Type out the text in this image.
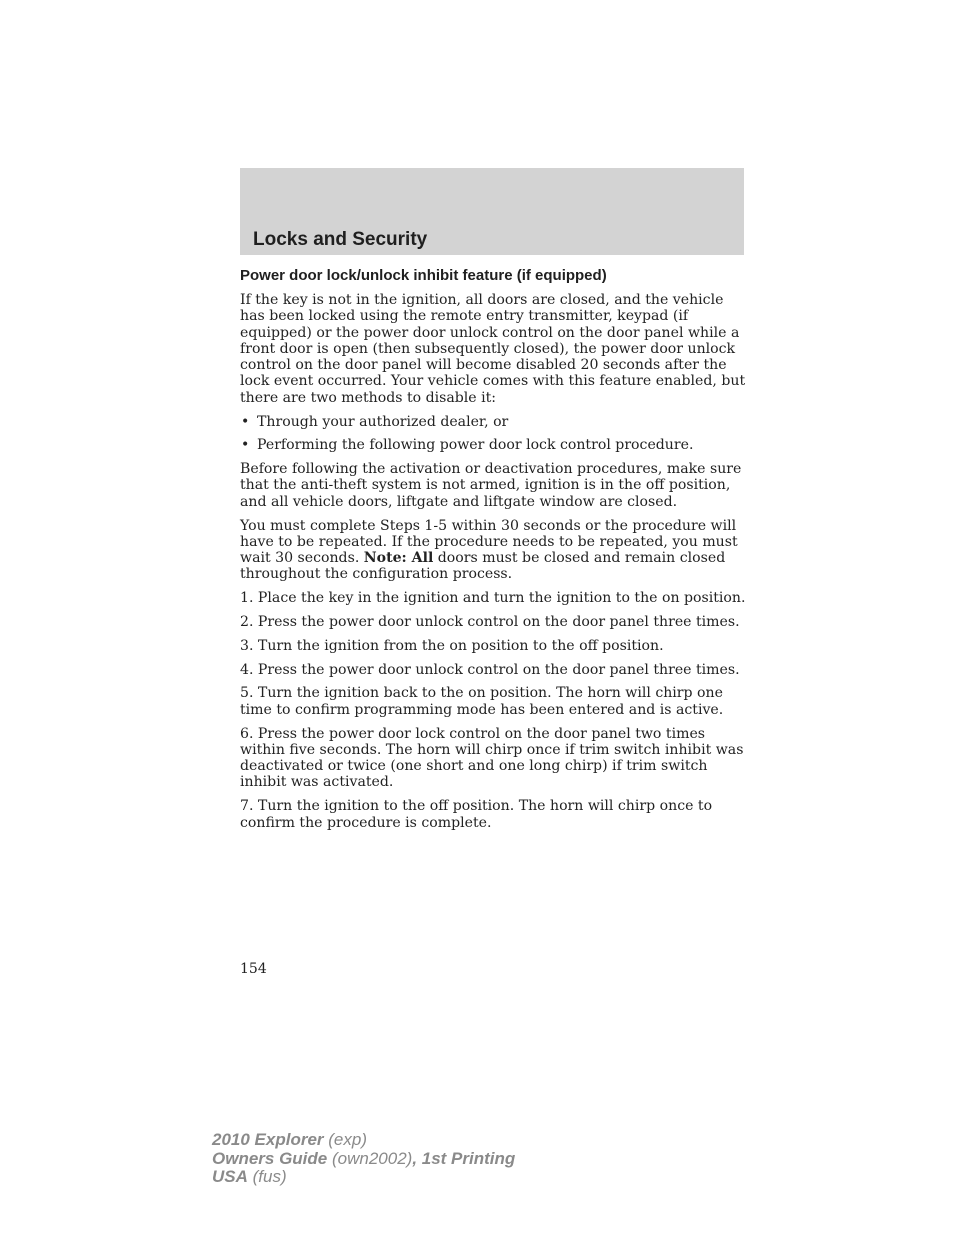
Locks and Security
Power door lock/unlock inhibit feature (if equipped)

If the key is not in the ignition, all doors are closed, and the vehicle has been locked using the remote entry transmitter, keypad (if equipped) or the power door unlock control on the door panel while a front door is open (then subsequently closed), the power door unlock control on the door panel will become disabled 20 seconds after the lock event occurred. Your vehicle comes with this feature enabled, but there are two methods to disable it:

• Through your authorized dealer, or
• Performing the following power door lock control procedure.

Before following the activation or deactivation procedures, make sure that the anti-theft system is not armed, ignition is in the off position, and all vehicle doors, liftgate and liftgate window are closed.

You must complete Steps 1-5 within 30 seconds or the procedure will have to be repeated. If the procedure needs to be repeated, you must wait 30 seconds. Note: All doors must be closed and remain closed throughout the configuration process.

1. Place the key in the ignition and turn the ignition to the on position.

2. Press the power door unlock control on the door panel three times.

3. Turn the ignition from the on position to the off position.

4. Press the power door unlock control on the door panel three times.

5. Turn the ignition back to the on position. The horn will chirp one time to confirm programming mode has been entered and is active.

6. Press the power door lock control on the door panel two times within five seconds. The horn will chirp once if trim switch inhibit was deactivated or twice (one short and one long chirp) if trim switch inhibit was activated.

7. Turn the ignition to the off position. The horn will chirp once to confirm the procedure is complete.

154
2010 Explorer (exp)
Owners Guide (own2002), 1st Printing
USA (fus)
